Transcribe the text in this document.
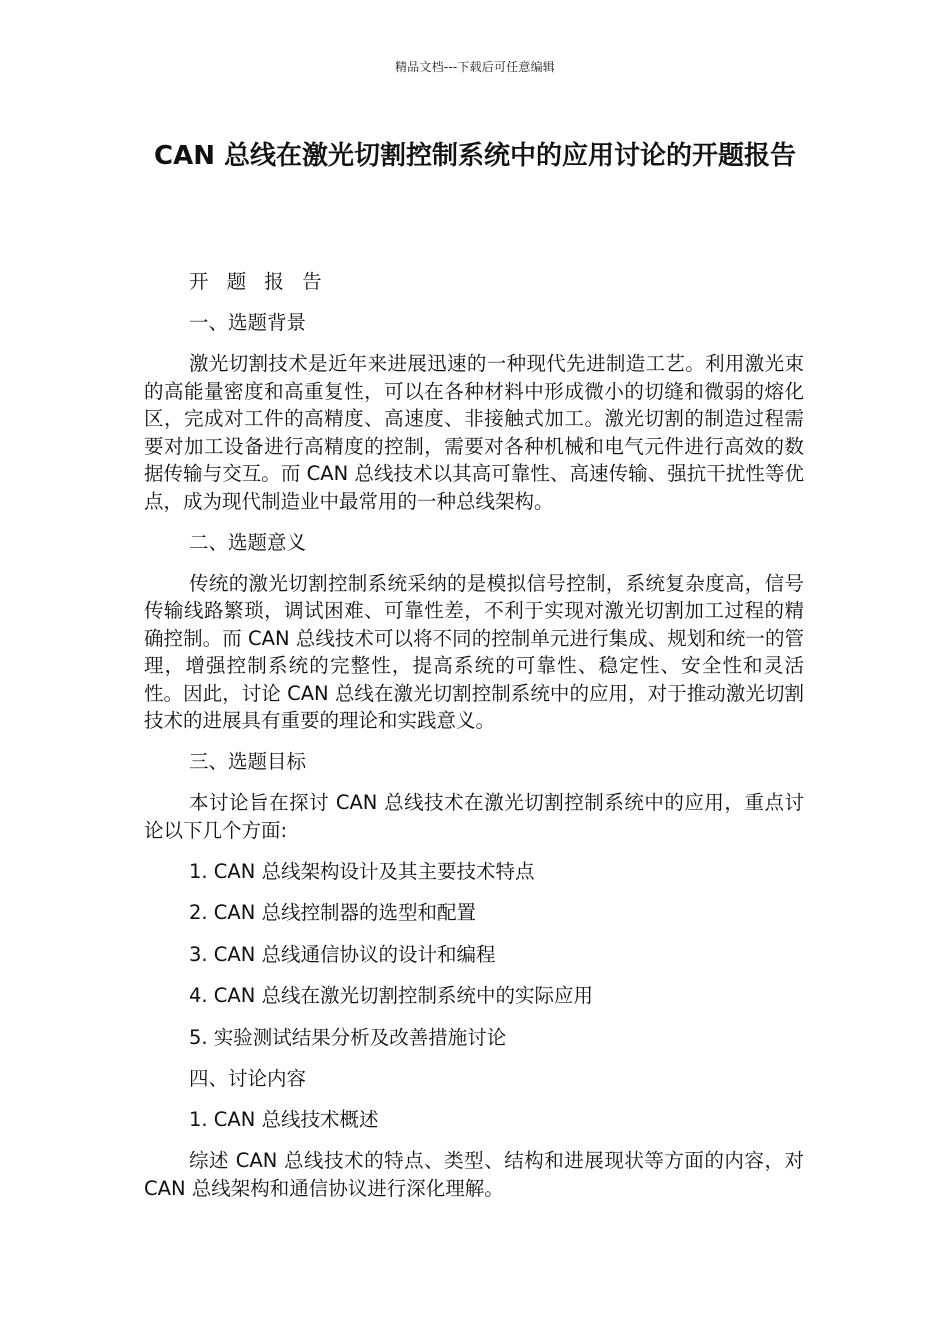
精品文档---下载后可任意编辑
CAN 总线在激光切割控制系统中的应用讨论的开题报告

开 题 报 告

一、选题背景

激光切割技术是近年来进展迅速的一种现代先进制造工艺。利用激光束的高能量密度和高重复性，可以在各种材料中形成微小的切缝和微弱的熔化区，完成对工件的高精度、高速度、非接触式加工。激光切割的制造过程需要对加工设备进行高精度的控制，需要对各种机械和电气元件进行高效的数据传输与交互。而 CAN 总线技术以其高可靠性、高速传输、强抗干扰性等优点，成为现代制造业中最常用的一种总线架构。

二、选题意义

传统的激光切割控制系统采纳的是模拟信号控制，系统复杂度高，信号传输线路繁琐，调试困难、可靠性差，不利于实现对激光切割加工过程的精确控制。而 CAN 总线技术可以将不同的控制单元进行集成、规划和统一的管理，增强控制系统的完整性，提高系统的可靠性、稳定性、安全性和灵活性。因此，讨论 CAN 总线在激光切割控制系统中的应用，对于推动激光切割技术的进展具有重要的理论和实践意义。

三、选题目标

本讨论旨在探讨 CAN 总线技术在激光切割控制系统中的应用，重点讨论以下几个方面:

1. CAN 总线架构设计及其主要技术特点

2. CAN 总线控制器的选型和配置

3. CAN 总线通信协议的设计和编程

4. CAN 总线在激光切割控制系统中的实际应用

5. 实验测试结果分析及改善措施讨论

四、讨论内容

1. CAN 总线技术概述

综述 CAN 总线技术的特点、类型、结构和进展现状等方面的内容，对 CAN 总线架构和通信协议进行深化理解。
